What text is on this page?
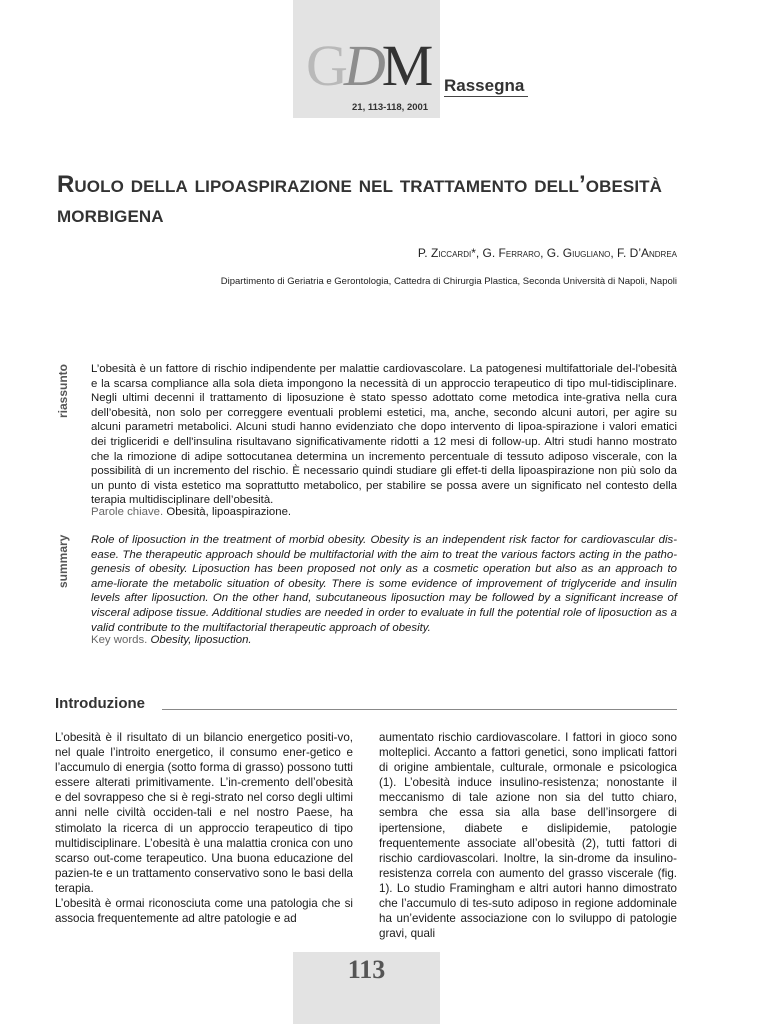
GDM Rassegna
21, 113-118, 2001
Ruolo della lipoaspirazione nel trattamento dell’obesità morbigena
P. Ziccardi*, G. Ferraro, G. Giugliano, F. D’Andrea
Dipartimento di Geriatria e Gerontologia, Cattedra di Chirurgia Plastica, Seconda Università di Napoli, Napoli
riassunto L’obesità è un fattore di rischio indipendente per malattie cardiovascolare. La patogenesi multifattoriale del-l'obesità e la scarsa compliance alla sola dieta impongono la necessità di un approccio terapeutico di tipo mul-tidisciplinare. Negli ultimi decenni il trattamento di liposuzione è stato spesso adottato come metodica inte-grativa nella cura dell’obesità, non solo per correggere eventuali problemi estetici, ma, anche, secondo alcuni autori, per agire su alcuni parametri metabolici. Alcuni studi hanno evidenziato che dopo intervento di lipoa-spirazione i valori ematici dei trigliceridi e dell'insulina risultavano significativamente ridotti a 12 mesi di follow-up. Altri studi hanno mostrato che la rimozione di adipe sottocutanea determina un incremento percentuale di tessuto adiposo viscerale, con la possibilità di un incremento del rischio. È necessario quindi studiare gli effet-ti della lipoaspirazione non più solo da un punto di vista estetico ma soprattutto metabolico, per stabilire se possa avere un significato nel contesto della terapia multidisciplinare dell’obesità.
Parole chiave. Obesità, lipoaspirazione.
summary Role of liposuction in the treatment of morbid obesity. Obesity is an independent risk factor for cardiovascular dis-ease. The therapeutic approach should be multifactorial with the aim to treat the various factors acting in the patho-genesis of obesity. Liposuction has been proposed not only as a cosmetic operation but also as an approach to ame-liorate the metabolic situation of obesity. There is some evidence of improvement of triglyceride and insulin levels after liposuction. On the other hand, subcutaneous liposuction may be followed by a significant increase of visceral adipose tissue. Additional studies are needed in order to evaluate in full the potential role of liposuction as a valid contribute to the multifactorial therapeutic approach of obesity.
Key words. Obesity, liposuction.
Introduzione

L’obesità è il risultato di un bilancio energetico positi-vo, nel quale l’introito energetico, il consumo ener-getico e l’accumulo di energia (sotto forma di grasso) possono tutti essere alterati primitivamente. L’in-cremento dell’obesità e del sovrappeso che si è regi-strato nel corso degli ultimi anni nelle civiltà occiden-tali e nel nostro Paese, ha stimolato la ricerca di un approccio terapeutico di tipo multidisciplinare. L’obesità è una malattia cronica con uno scarso out-come terapeutico. Una buona educazione del pazien-te e un trattamento conservativo sono le basi della terapia.

L’obesità è ormai riconosciuta come una patologia che si associa frequentemente ad altre patologie e ad

aumentato rischio cardiovascolare. I fattori in gioco sono molteplici. Accanto a fattori genetici, sono implicati fattori di origine ambientale, culturale, ormonale e psicologica (1). L’obesità induce insulino-resistenza; nonostante il meccanismo di tale azione non sia del tutto chiaro, sembra che essa sia alla base dell’insorgere di ipertensione, diabete e dislipidemie, patologie frequentemente associate all’obesità (2), tutti fattori di rischio cardiovascolari. Inoltre, la sin-drome da insulino-resistenza correla con aumento del grasso viscerale (fig. 1). Lo studio Framingham e altri autori hanno dimostrato che l’accumulo di tes-suto adiposo in regione addominale ha un’evidente associazione con lo sviluppo di patologie gravi, quali

113
